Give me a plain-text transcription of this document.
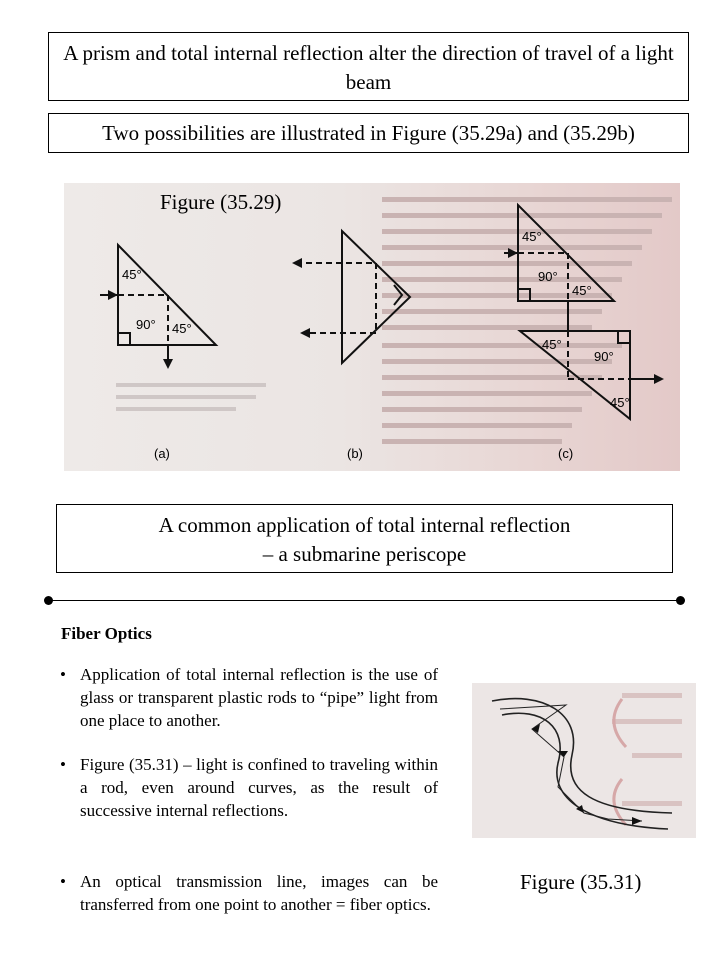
A prism and total internal reflection alter the direction of travel of a light beam
Two possibilities are illustrated in Figure (35.29a) and (35.29b)
45°
90° 45°
(a)	(b)
45°
90°
45°
45°
90°
45°
(c)
Figure (35.29)
A common application of total internal reflection
– a submarine periscope
Fiber Optics
• Application of total internal reflection is the use of glass or transparent plastic rods to “pipe” light from one place to another.
• Figure (35.31) – light is confined to traveling within a rod, even around curves, as the result of successive internal reflections.
• An optical transmission line, images can be transferred from one point to another = fiber optics.
Figure (35.31)
